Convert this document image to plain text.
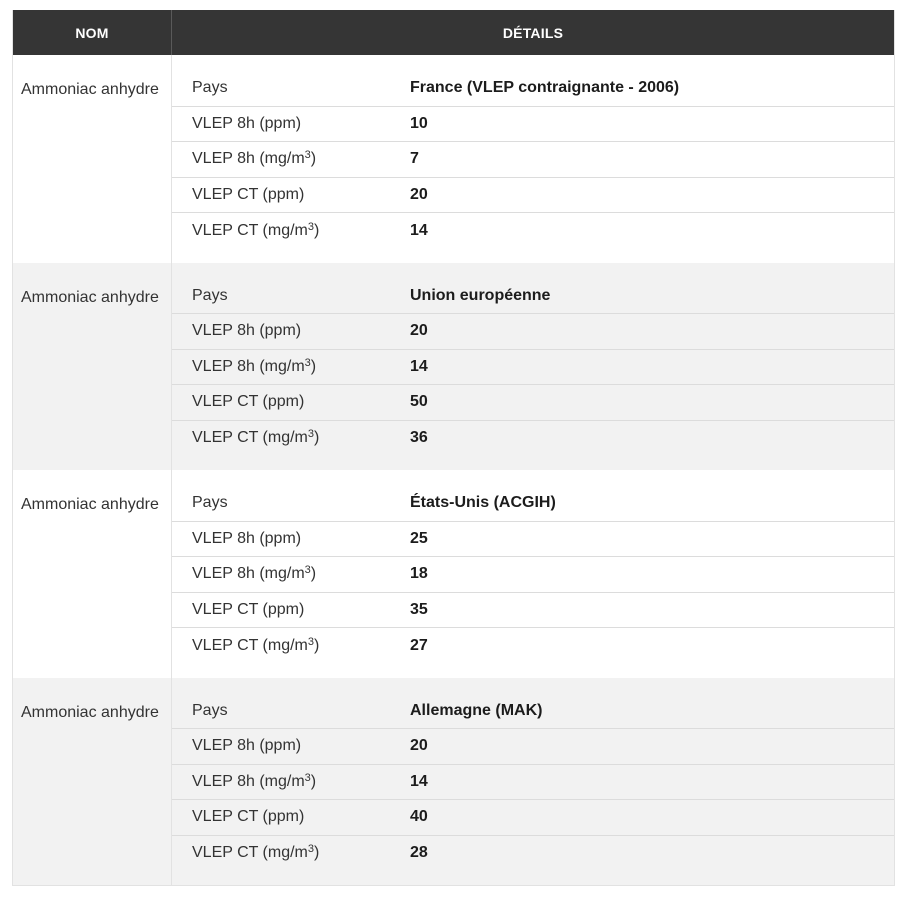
NOM	DÉTAILS
Ammoniac anhydre	Pays	France (VLEP contraignante - 2006)
VLEP 8h (ppm)	10
VLEP 8h $(mg/m^3)$	7
VLEP CT (ppm)	20
VLEP CT $(mg/m^3)$	14
Ammoniac anhydre	Pays	Union européenne
VLEP 8h (ppm)	20
VLEP 8h $(mg/m^3)$	14
VLEP CT (ppm)	50
VLEP CT $(mg/m^3)$	36
Ammoniac anhydre	Pays	États-Unis (ACGIH)
VLEP 8h (ppm)	25
VLEP 8h $(mg/m^3)$	18
VLEP CT (ppm)	35
VLEP CT $(mg/m^3)$	27
Ammoniac anhydre	Pays	Allemagne (MAK)
VLEP 8h (ppm)	20
VLEP 8h $(mg/m^3)$	14
VLEP CT (ppm)	40
VLEP CT $(mg/m^3)$	28
